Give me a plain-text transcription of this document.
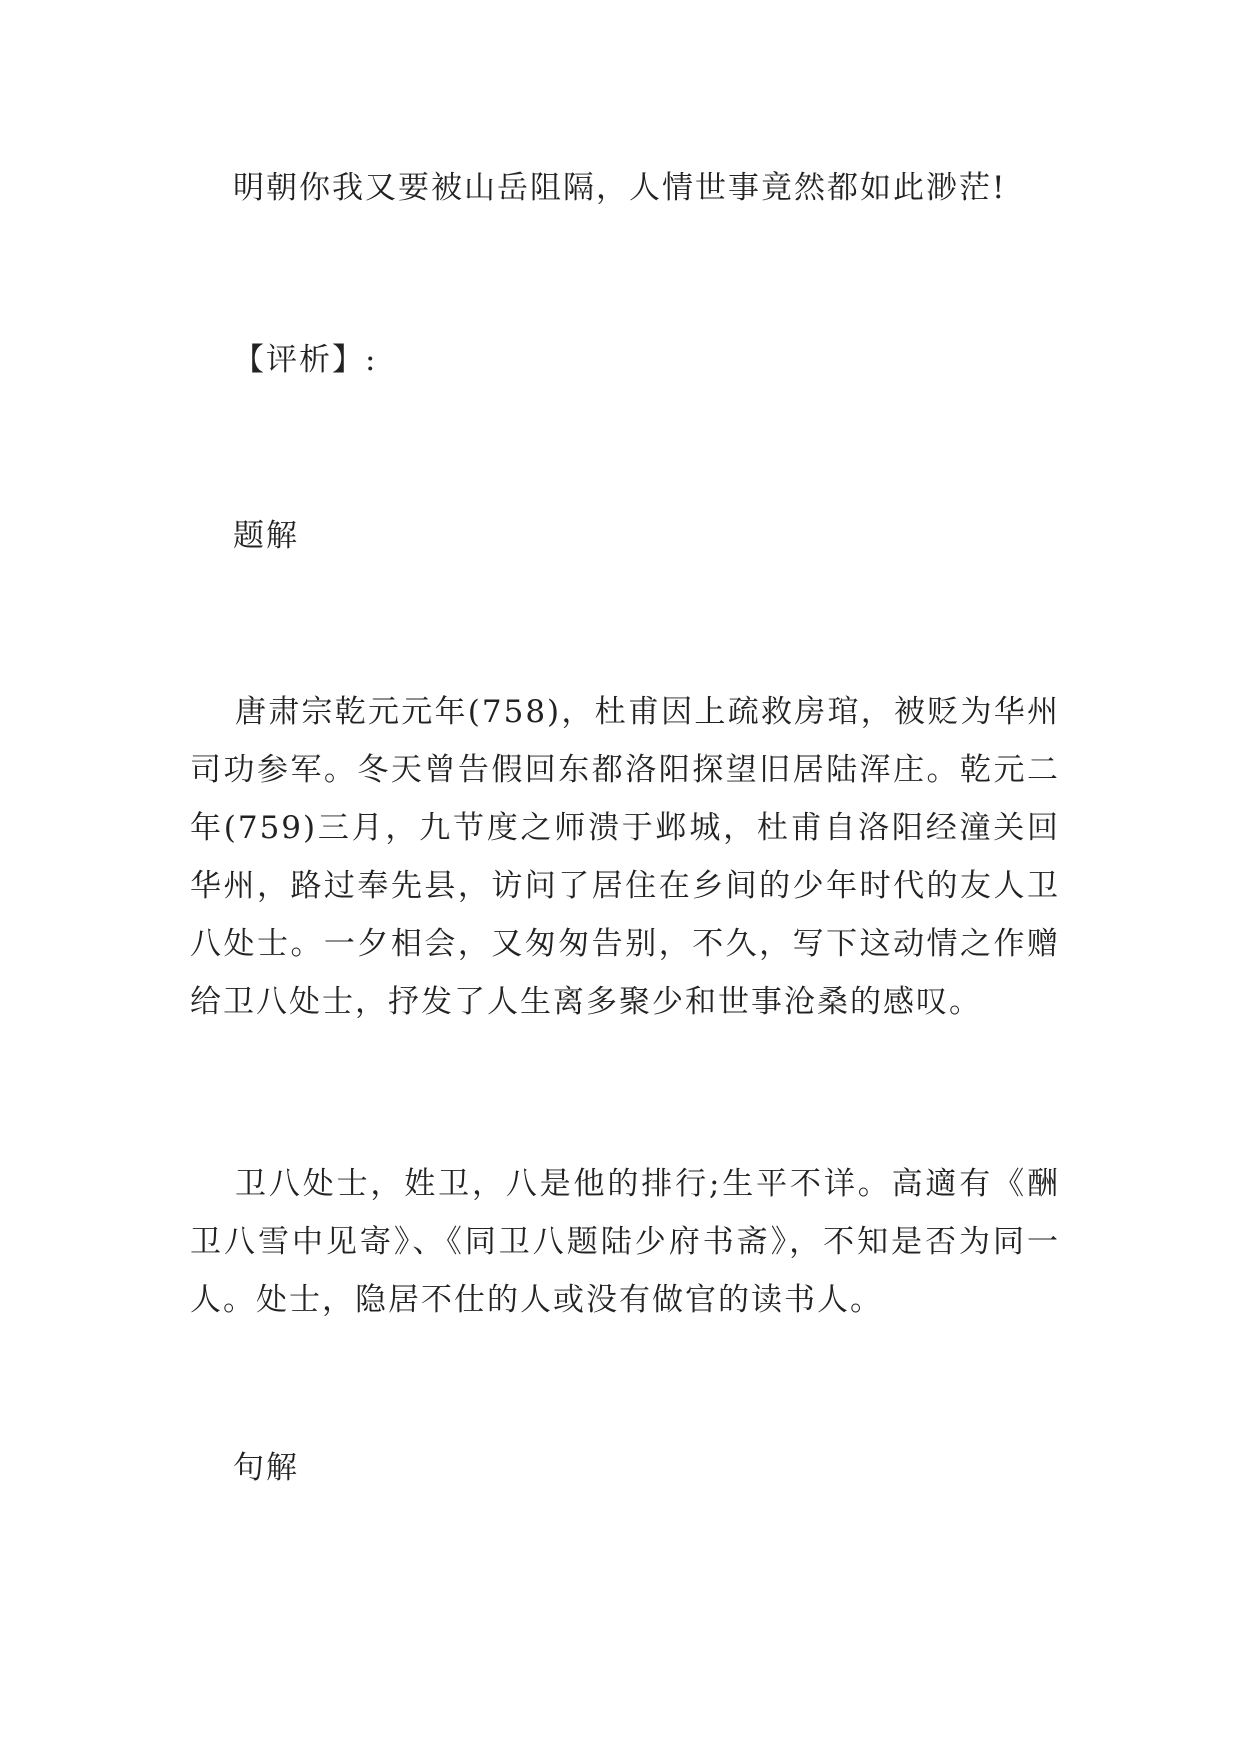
明朝你我又要被山岳阻隔，人情世事竟然都如此渺茫!

【评析】:

题解

唐肃宗乾元元年(758)，杜甫因上疏救房琯，被贬为华州司功参军。冬天曾告假回东都洛阳探望旧居陆浑庄。乾元二年(759)三月，九节度之师溃于邺城，杜甫自洛阳经潼关回华州，路过奉先县，访问了居住在乡间的少年时代的友人卫八处士。一夕相会，又匆匆告别，不久，写下这动情之作赠给卫八处士，抒发了人生离多聚少和世事沧桑的感叹。

卫八处士，姓卫，八是他的排行;生平不详。高適有《酬卫八雪中见寄》、《同卫八题陆少府书斋》，不知是否为同一人。处士，隐居不仕的人或没有做官的读书人。

句解
